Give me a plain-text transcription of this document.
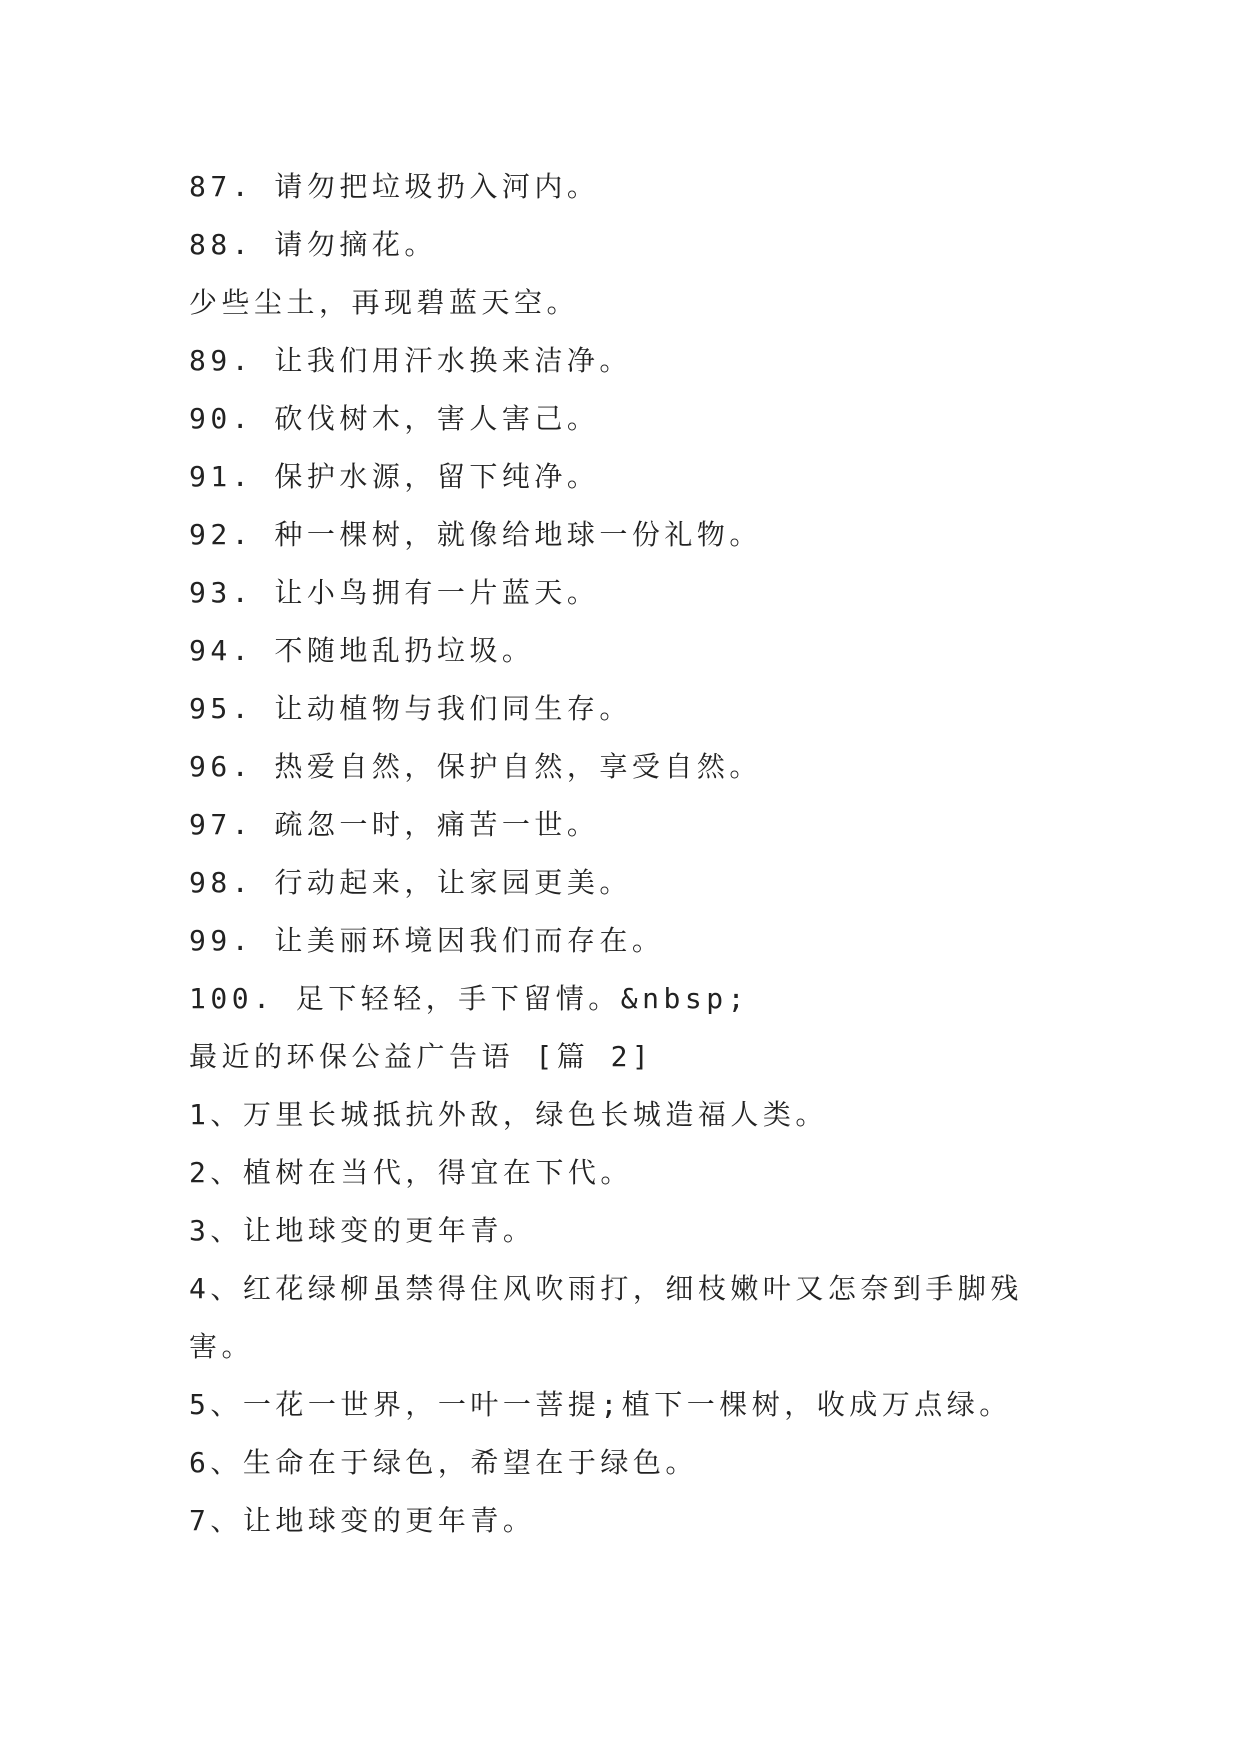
87. 请勿把垃圾扔入河内。
88. 请勿摘花。
少些尘土，再现碧蓝天空。
89. 让我们用汗水换来洁净。
90. 砍伐树木，害人害己。
91. 保护水源，留下纯净。
92. 种一棵树，就像给地球一份礼物。
93. 让小鸟拥有一片蓝天。
94. 不随地乱扔垃圾。
95. 让动植物与我们同生存。
96. 热爱自然，保护自然，享受自然。
97. 疏忽一时，痛苦一世。
98. 行动起来，让家园更美。
99. 让美丽环境因我们而存在。
100. 足下轻轻，手下留情。&nbsp;
最近的环保公益广告语 [篇 2]
1、万里长城抵抗外敌，绿色长城造福人类。
2、植树在当代，得宜在下代。
3、让地球变的更年青。
4、红花绿柳虽禁得住风吹雨打，细枝嫩叶又怎奈到手脚残
害。
5、一花一世界，一叶一菩提;植下一棵树，收成万点绿。
6、生命在于绿色，希望在于绿色。
7、让地球变的更年青。
